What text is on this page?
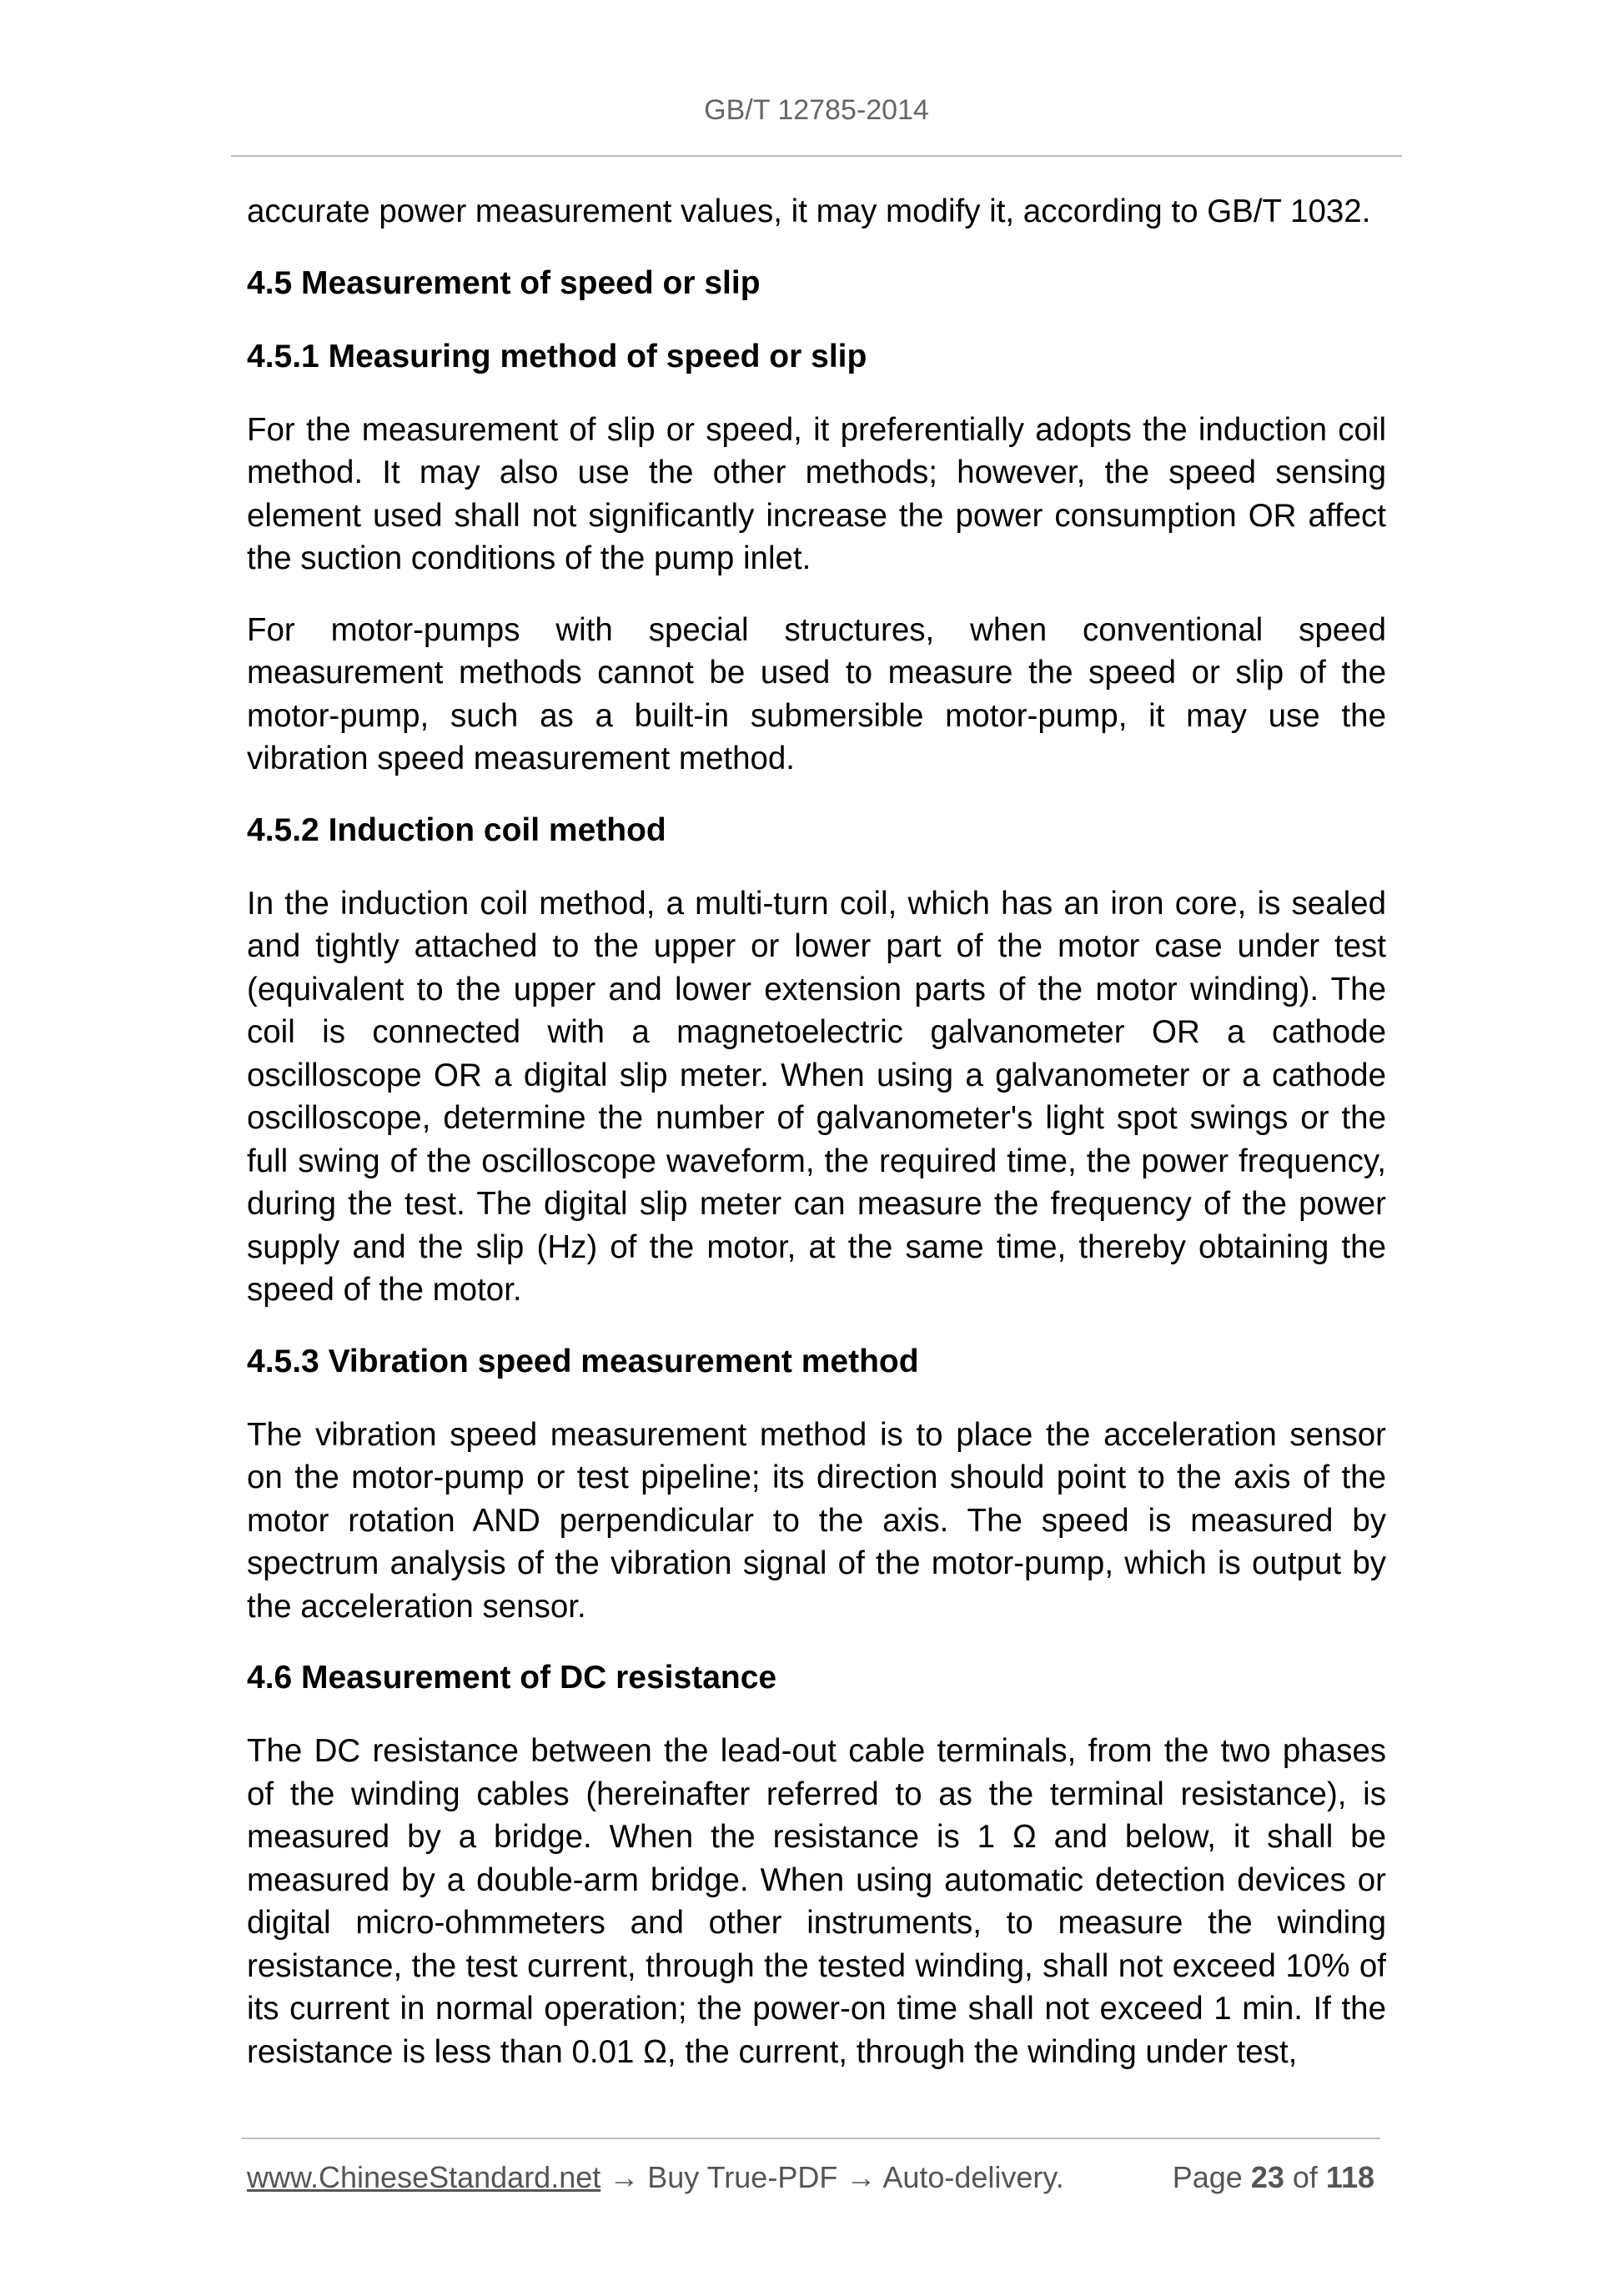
GB/T 12785-2014

accurate power measurement values, it may modify it, according to GB/T 1032.

4.5 Measurement of speed or slip
4.5.1 Measuring method of speed or slip

For the measurement of slip or speed, it preferentially adopts the induction coil method. It may also use the other methods; however, the speed sensing element used shall not significantly increase the power consumption OR affect the suction conditions of the pump inlet.

For motor-pumps with special structures, when conventional speed measurement methods cannot be used to measure the speed or slip of the motor-pump, such as a built-in submersible motor-pump, it may use the vibration speed measurement method.

4.5.2 Induction coil method

In the induction coil method, a multi-turn coil, which has an iron core, is sealed and tightly attached to the upper or lower part of the motor case under test (equivalent to the upper and lower extension parts of the motor winding). The coil is connected with a magnetoelectric galvanometer OR a cathode oscilloscope OR a digital slip meter. When using a galvanometer or a cathode oscilloscope, determine the number of galvanometer's light spot swings or the full swing of the oscilloscope waveform, the required time, the power frequency, during the test. The digital slip meter can measure the frequency of the power supply and the slip (Hz) of the motor, at the same time, thereby obtaining the speed of the motor.

4.5.3 Vibration speed measurement method

The vibration speed measurement method is to place the acceleration sensor on the motor-pump or test pipeline; its direction should point to the axis of the motor rotation AND perpendicular to the axis. The speed is measured by spectrum analysis of the vibration signal of the motor-pump, which is output by the acceleration sensor.

4.6 Measurement of DC resistance

The DC resistance between the lead-out cable terminals, from the two phases of the winding cables (hereinafter referred to as the terminal resistance), is measured by a bridge. When the resistance is 1 Ω and below, it shall be measured by a double-arm bridge. When using automatic detection devices or digital micro-ohmmeters and other instruments, to measure the winding resistance, the test current, through the tested winding, shall not exceed 10% of its current in normal operation; the power-on time shall not exceed 1 min. If the resistance is less than 0.01 Ω, the current, through the winding under test,

www.ChineseStandard.net → Buy True-PDF → Auto-delivery.	Page 23 of 118
